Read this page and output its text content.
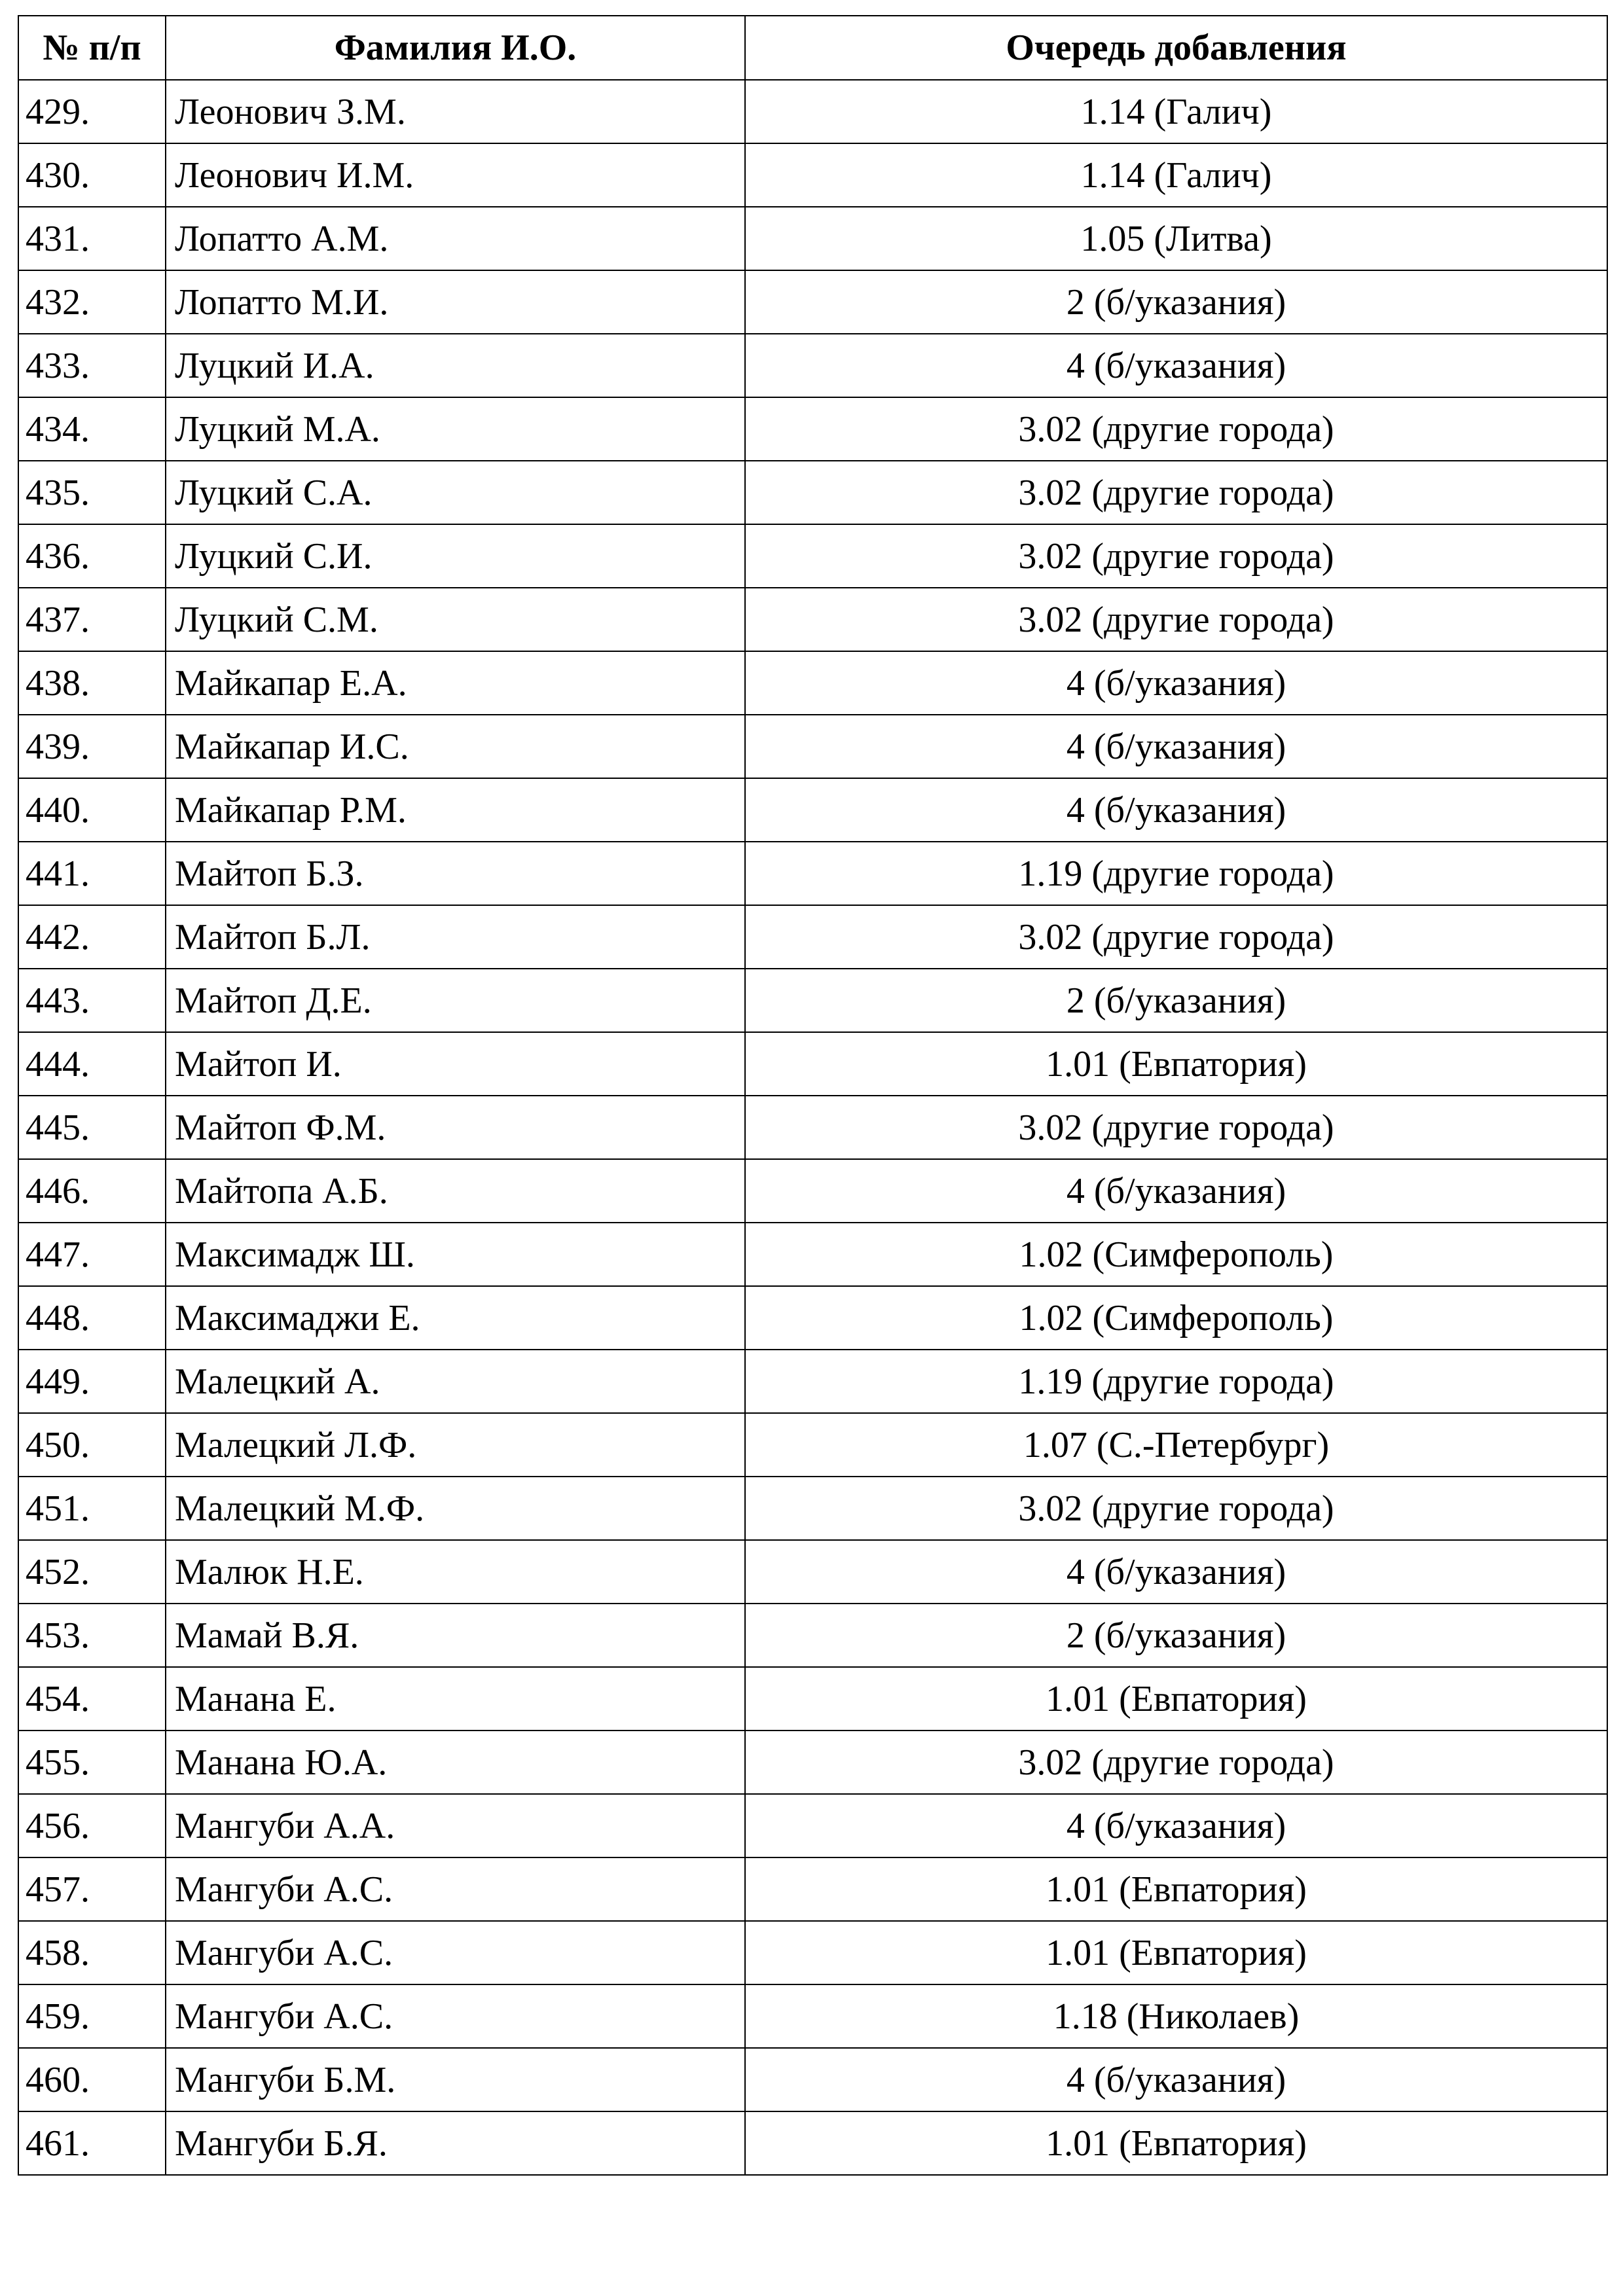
№ п/п	Фамилия И.О.	Очередь добавления
429.	Леонович З.М.	1.14 (Галич)
430.	Леонович И.М.	1.14 (Галич)
431.	Лопатто А.М.	1.05 (Литва)
432.	Лопатто М.И.	2 (б/указания)
433.	Луцкий И.А.	4 (б/указания)
434.	Луцкий М.А.	3.02 (другие города)
435.	Луцкий С.А.	3.02 (другие города)
436.	Луцкий С.И.	3.02 (другие города)
437.	Луцкий С.М.	3.02 (другие города)
438.	Майкапар Е.А.	4 (б/указания)
439.	Майкапар И.С.	4 (б/указания)
440.	Майкапар Р.М.	4 (б/указания)
441.	Майтоп Б.З.	1.19 (другие города)
442.	Майтоп Б.Л.	3.02 (другие города)
443.	Майтоп Д.Е.	2 (б/указания)
444.	Майтоп И.	1.01 (Евпатория)
445.	Майтоп Ф.М.	3.02 (другие города)
446.	Майтопа А.Б.	4 (б/указания)
447.	Максимадж Ш.	1.02 (Симферополь)
448.	Максимаджи Е.	1.02 (Симферополь)
449.	Малецкий А.	1.19 (другие города)
450.	Малецкий Л.Ф.	1.07 (С.-Петербург)
451.	Малецкий М.Ф.	3.02 (другие города)
452.	Малюк Н.Е.	4 (б/указания)
453.	Мамай В.Я.	2 (б/указания)
454.	Манана Е.	1.01 (Евпатория)
455.	Манана Ю.А.	3.02 (другие города)
456.	Мангуби А.А.	4 (б/указания)
457.	Мангуби А.С.	1.01 (Евпатория)
458.	Мангуби А.С.	1.01 (Евпатория)
459.	Мангуби А.С.	1.18 (Николаев)
460.	Мангуби Б.М.	4 (б/указания)
461.	Мангуби Б.Я.	1.01 (Евпатория)
